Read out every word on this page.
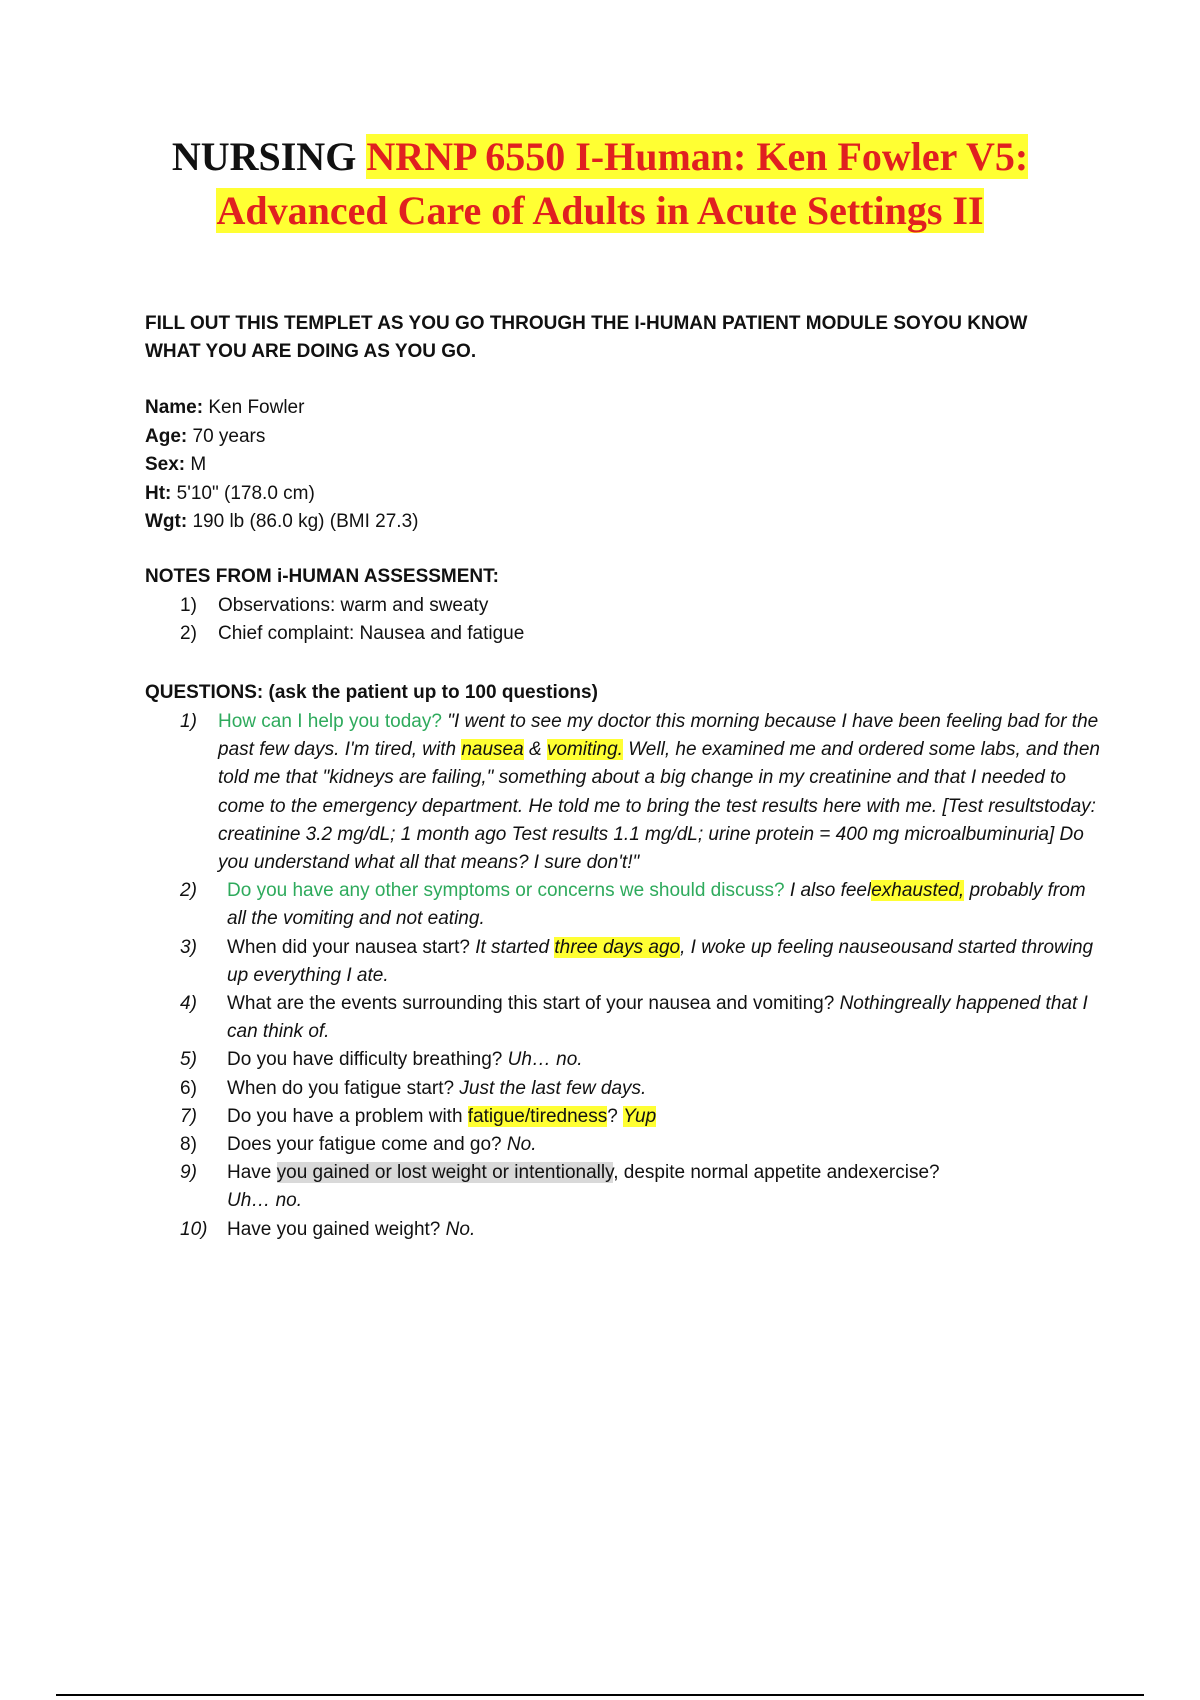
NURSING NRNP 6550 I-Human: Ken Fowler V5:
Advanced Care of Adults in Acute Settings II
FILL OUT THIS TEMPLET AS YOU GO THROUGH THE I-HUMAN PATIENT MODULE SOYOU KNOW WHAT YOU ARE DOING AS YOU GO.
Name: Ken Fowler
Age: 70 years
Sex: M
Ht: 5'10" (178.0 cm)
Wgt: 190 lb (86.0 kg) (BMI 27.3)
NOTES FROM i-HUMAN ASSESSMENT:
1)	Observations: warm and sweaty
2)	Chief complaint: Nausea and fatigue
QUESTIONS: (ask the patient up to 100 questions)
1)	How can I help you today? "I went to see my doctor this morning because I have been feeling bad for the past few days. I'm tired, with nausea & vomiting. Well, he examined me and ordered some labs, and then told me that "kidneys are failing," something about a big change in my creatinine and that I needed to come to the emergency department. He told me to bring the test results here with me. [Test resultstoday: creatinine 3.2 mg/dL; 1 month ago Test results 1.1 mg/dL; urine protein = 400 mg microalbuminuria] Do you understand what all that means? I sure don't!"
2)	Do you have any other symptoms or concerns we should discuss? I also feelexhausted, probably from all the vomiting and not eating.
3)	When did your nausea start? It started three days ago, I woke up feeling nauseousand started throwing up everything I ate.
4)	What are the events surrounding this start of your nausea and vomiting? Nothingreally happened that I can think of.
5)	Do you have difficulty breathing? Uh… no.
6)	When do you fatigue start? Just the last few days.
7)	Do you have a problem with fatigue/tiredness? Yup
8)	Does your fatigue come and go? No.
9)	Have you gained or lost weight or intentionally, despite normal appetite andexercise?
Uh… no.
10)	Have you gained weight? No.
